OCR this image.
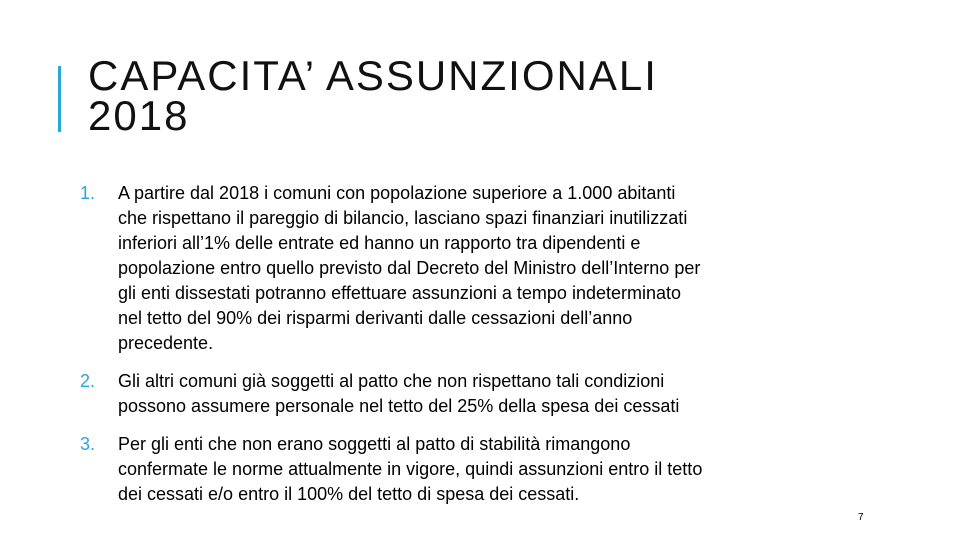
CAPACITA’ ASSUNZIONALI
2018
1. A partire dal 2018 i comuni con popolazione superiore a 1.000 abitanti
che rispettano il pareggio di bilancio, lasciano spazi finanziari inutilizzati
inferiori all’1% delle entrate ed hanno un rapporto tra dipendenti e
popolazione entro quello previsto dal Decreto del Ministro dell’Interno per
gli enti dissestati potranno effettuare assunzioni a tempo indeterminato
nel tetto del 90% dei risparmi derivanti dalle cessazioni dell’anno
precedente.
2. Gli altri comuni già soggetti al patto che non rispettano tali condizioni
possono assumere personale nel tetto del 25% della spesa dei cessati
3. Per gli enti che non erano soggetti al patto di stabilità rimangono
confermate le norme attualmente in vigore, quindi assunzioni entro il tetto
dei cessati e/o entro il 100% del tetto di spesa dei cessati.
7
